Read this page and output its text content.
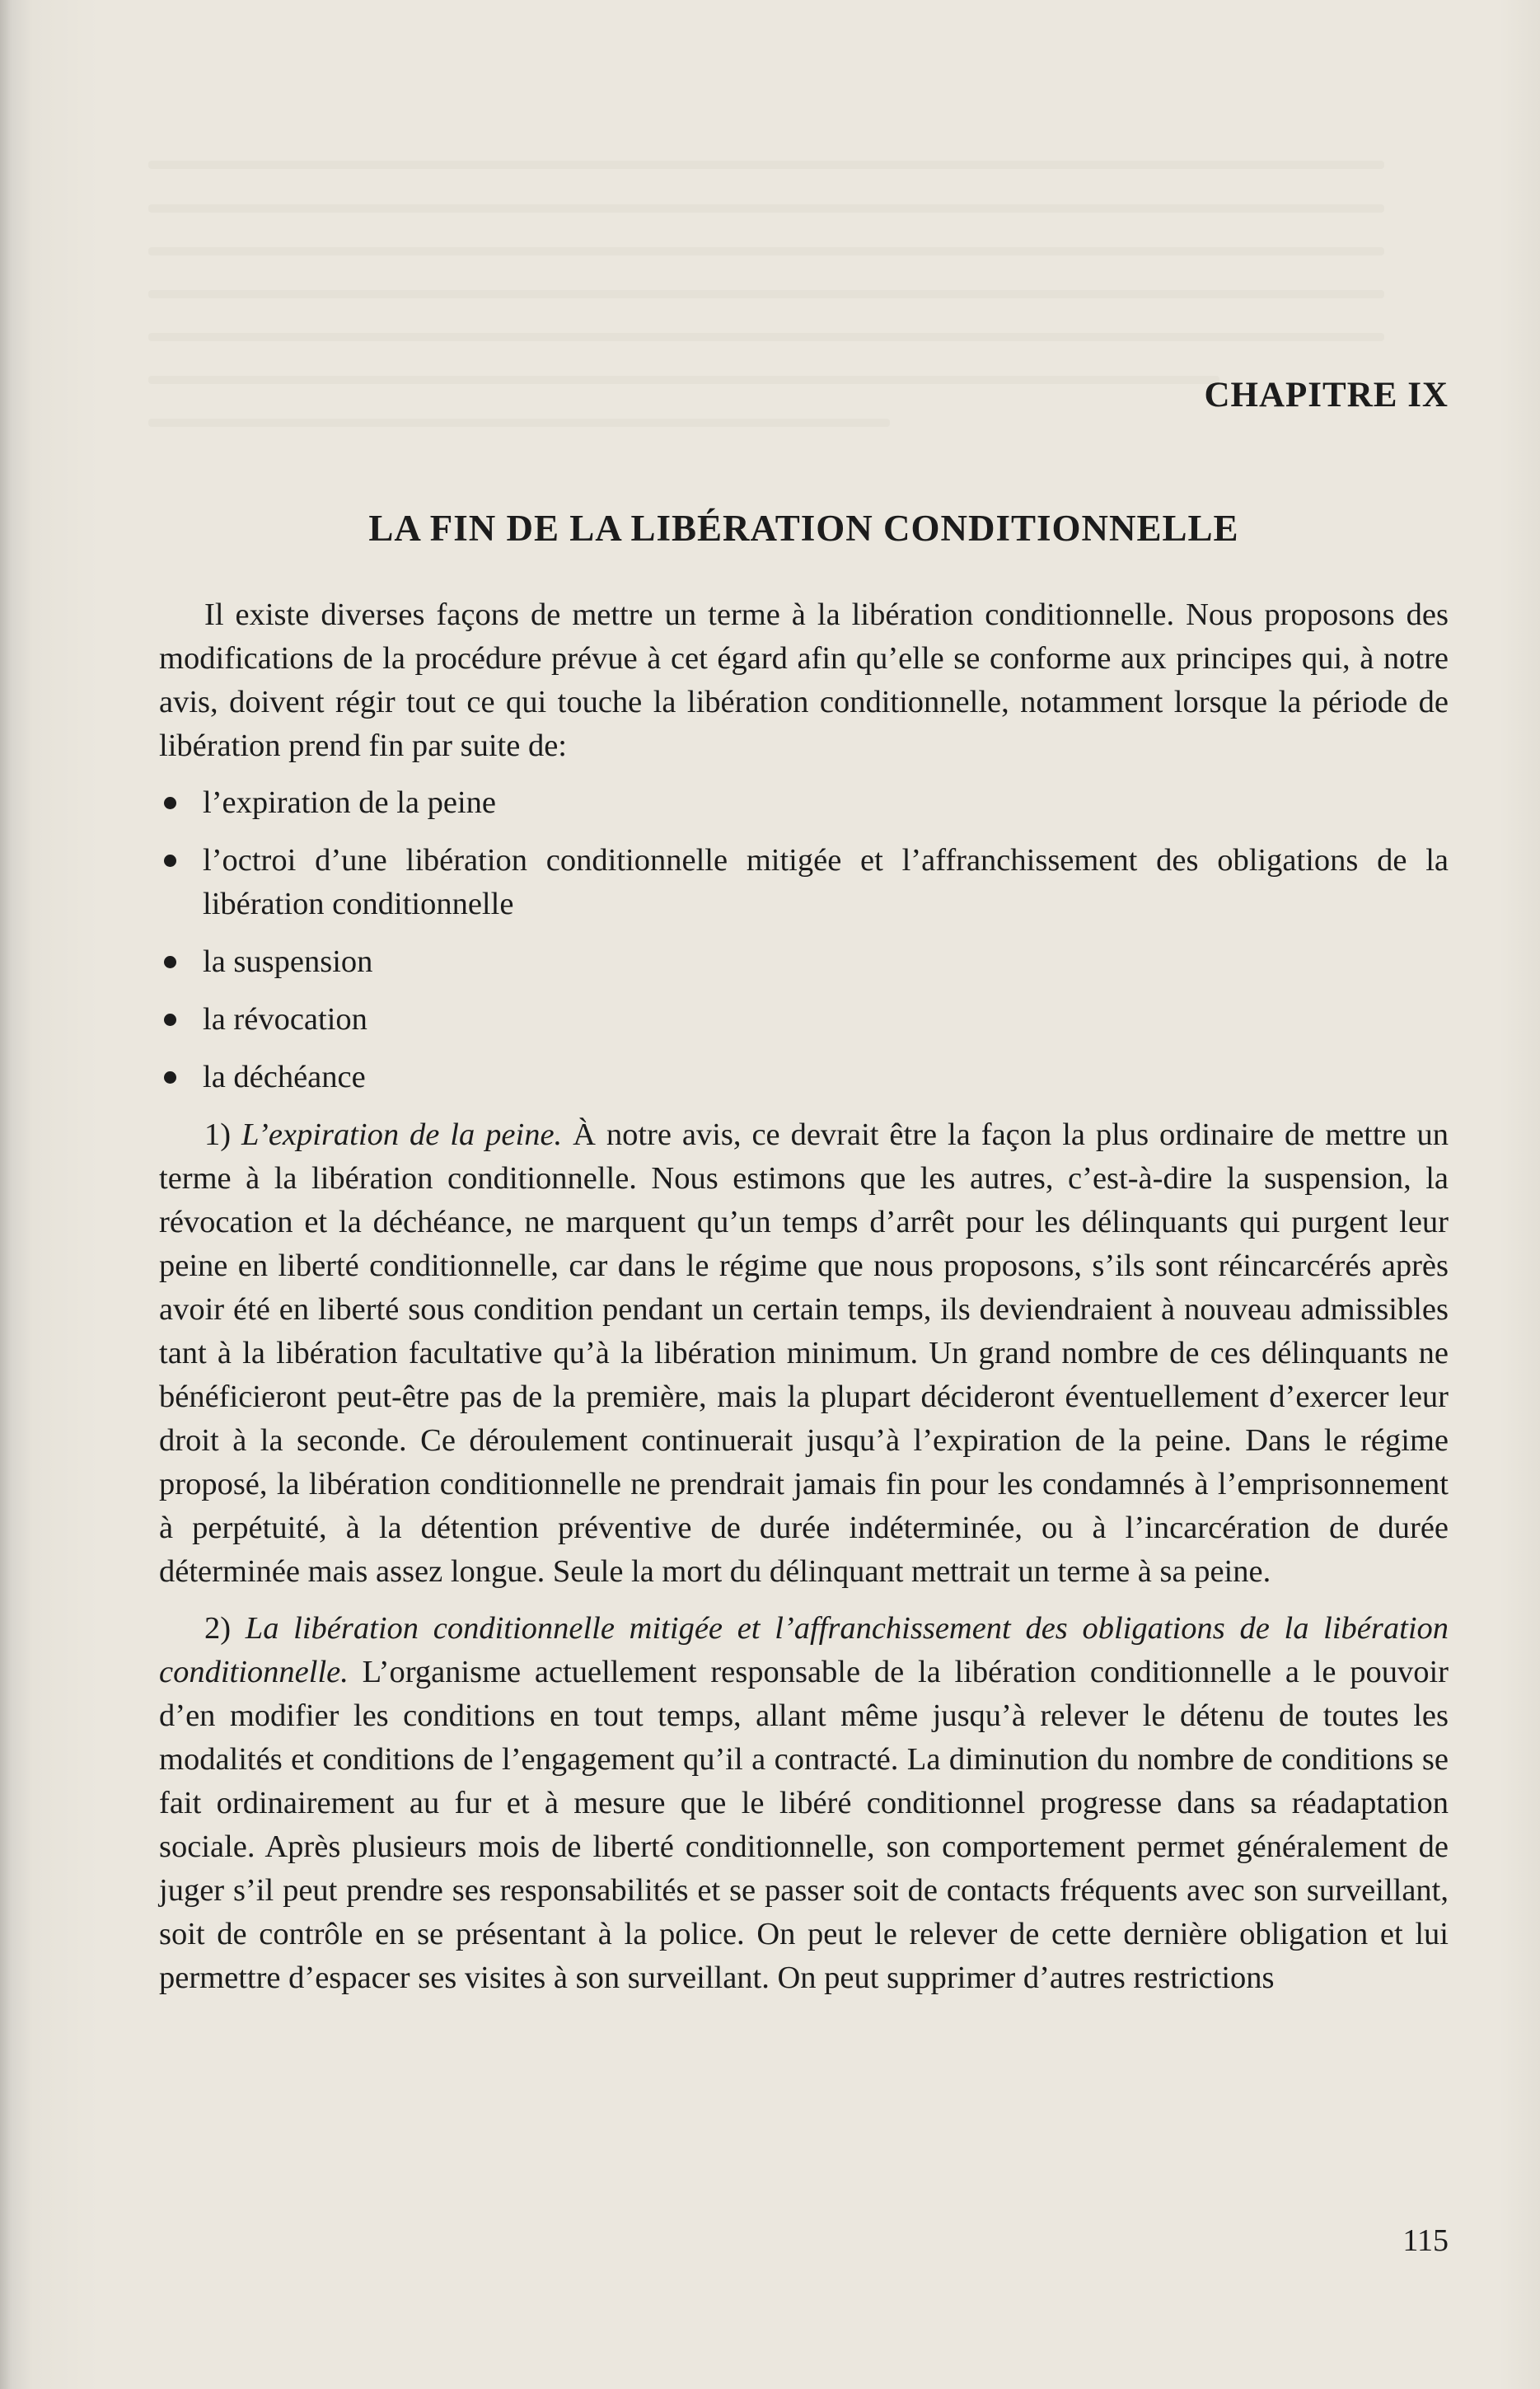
CHAPITRE IX
LA FIN DE LA LIBÉRATION CONDITIONNELLE

Il existe diverses façons de mettre un terme à la libération conditionnelle. Nous proposons des modifications de la procédure prévue à cet égard afin qu’elle se conforme aux principes qui, à notre avis, doivent régir tout ce qui touche la libération conditionnelle, notamment lorsque la période de libération prend fin par suite de:

l’expiration de la peine
l’octroi d’une libération conditionnelle mitigée et l’affranchissement des obligations de la libération conditionnelle
la suspension
la révocation
la déchéance

1) L’expiration de la peine. À notre avis, ce devrait être la façon la plus ordinaire de mettre un terme à la libération conditionnelle. Nous estimons que les autres, c’est-à-dire la suspension, la révocation et la déchéance, ne marquent qu’un temps d’arrêt pour les délinquants qui purgent leur peine en liberté conditionnelle, car dans le régime que nous proposons, s’ils sont réincarcérés après avoir été en liberté sous condition pendant un certain temps, ils deviendraient à nouveau admissibles tant à la libération facultative qu’à la libération minimum. Un grand nombre de ces délinquants ne bénéficieront peut-être pas de la première, mais la plupart décideront éventuellement d’exercer leur droit à la seconde. Ce déroulement continuerait jusqu’à l’expiration de la peine. Dans le régime proposé, la libération conditionnelle ne prendrait jamais fin pour les condamnés à l’emprisonnement à perpétuité, à la détention préventive de durée indéterminée, ou à l’incarcération de durée déterminée mais assez longue. Seule la mort du délinquant mettrait un terme à sa peine.

2) La libération conditionnelle mitigée et l’affranchissement des obligations de la libération conditionnelle. L’organisme actuellement responsable de la libération conditionnelle a le pouvoir d’en modifier les conditions en tout temps, allant même jusqu’à relever le détenu de toutes les modalités et conditions de l’engagement qu’il a contracté. La diminution du nombre de conditions se fait ordinairement au fur et à mesure que le libéré conditionnel progresse dans sa réadaptation sociale. Après plusieurs mois de liberté conditionnelle, son comportement permet généralement de juger s’il peut prendre ses responsabilités et se passer soit de contacts fréquents avec son surveillant, soit de contrôle en se présentant à la police. On peut le relever de cette dernière obligation et lui permettre d’espacer ses visites à son surveillant. On peut supprimer d’autres restrictions

115
